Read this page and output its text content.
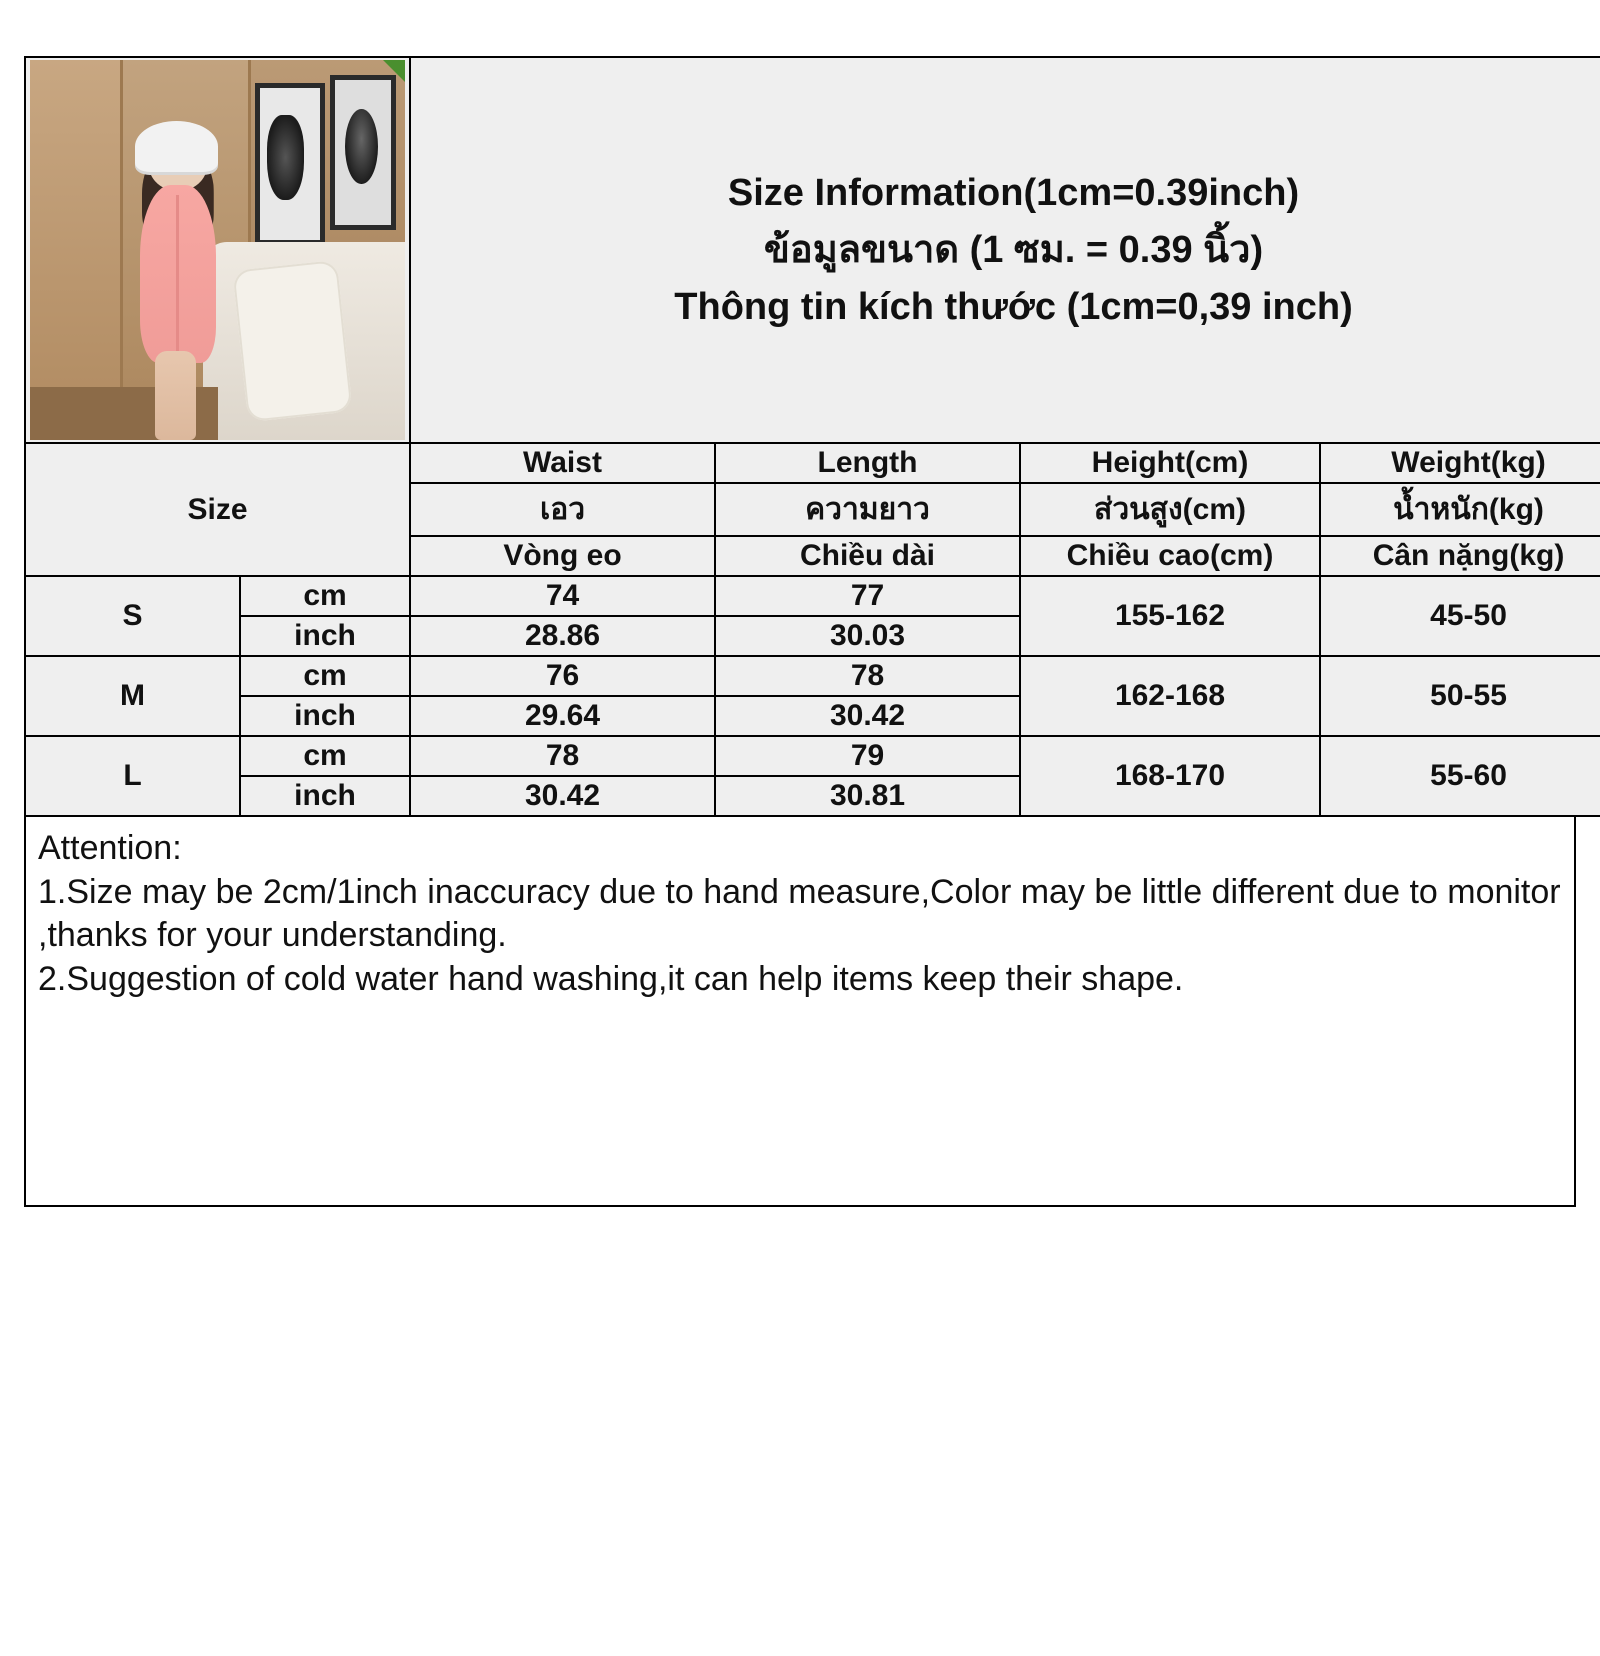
		Size Information(1cm=0.39inch)
ข้อมูลขนาด (1 ซม. = 0.39 นิ้ว)
Thông tin kích thước (1cm=0,39 inch)			

Size		Waist	Length	Height(cm)	Weight(kg)
		เอว	ความยาว	ส่วนสูง(cm)	น้ำหนัก(kg)
		Vòng eo	Chiều dài	Chiều cao(cm)	Cân nặng(kg)
S	cm	74	77	155-162	45-50
	inch	28.86	30.03		
M	cm	76	78	162-168	50-55
	inch	29.64	30.42		
L	cm	78	79	168-170	55-60
	inch	30.42	30.81		

Attention:

1.Size may be 2cm/1inch inaccuracy due to hand measure,Color may be little different due to monitor ,thanks for your understanding.

2.Suggestion of cold water hand washing,it can help items keep their shape.
